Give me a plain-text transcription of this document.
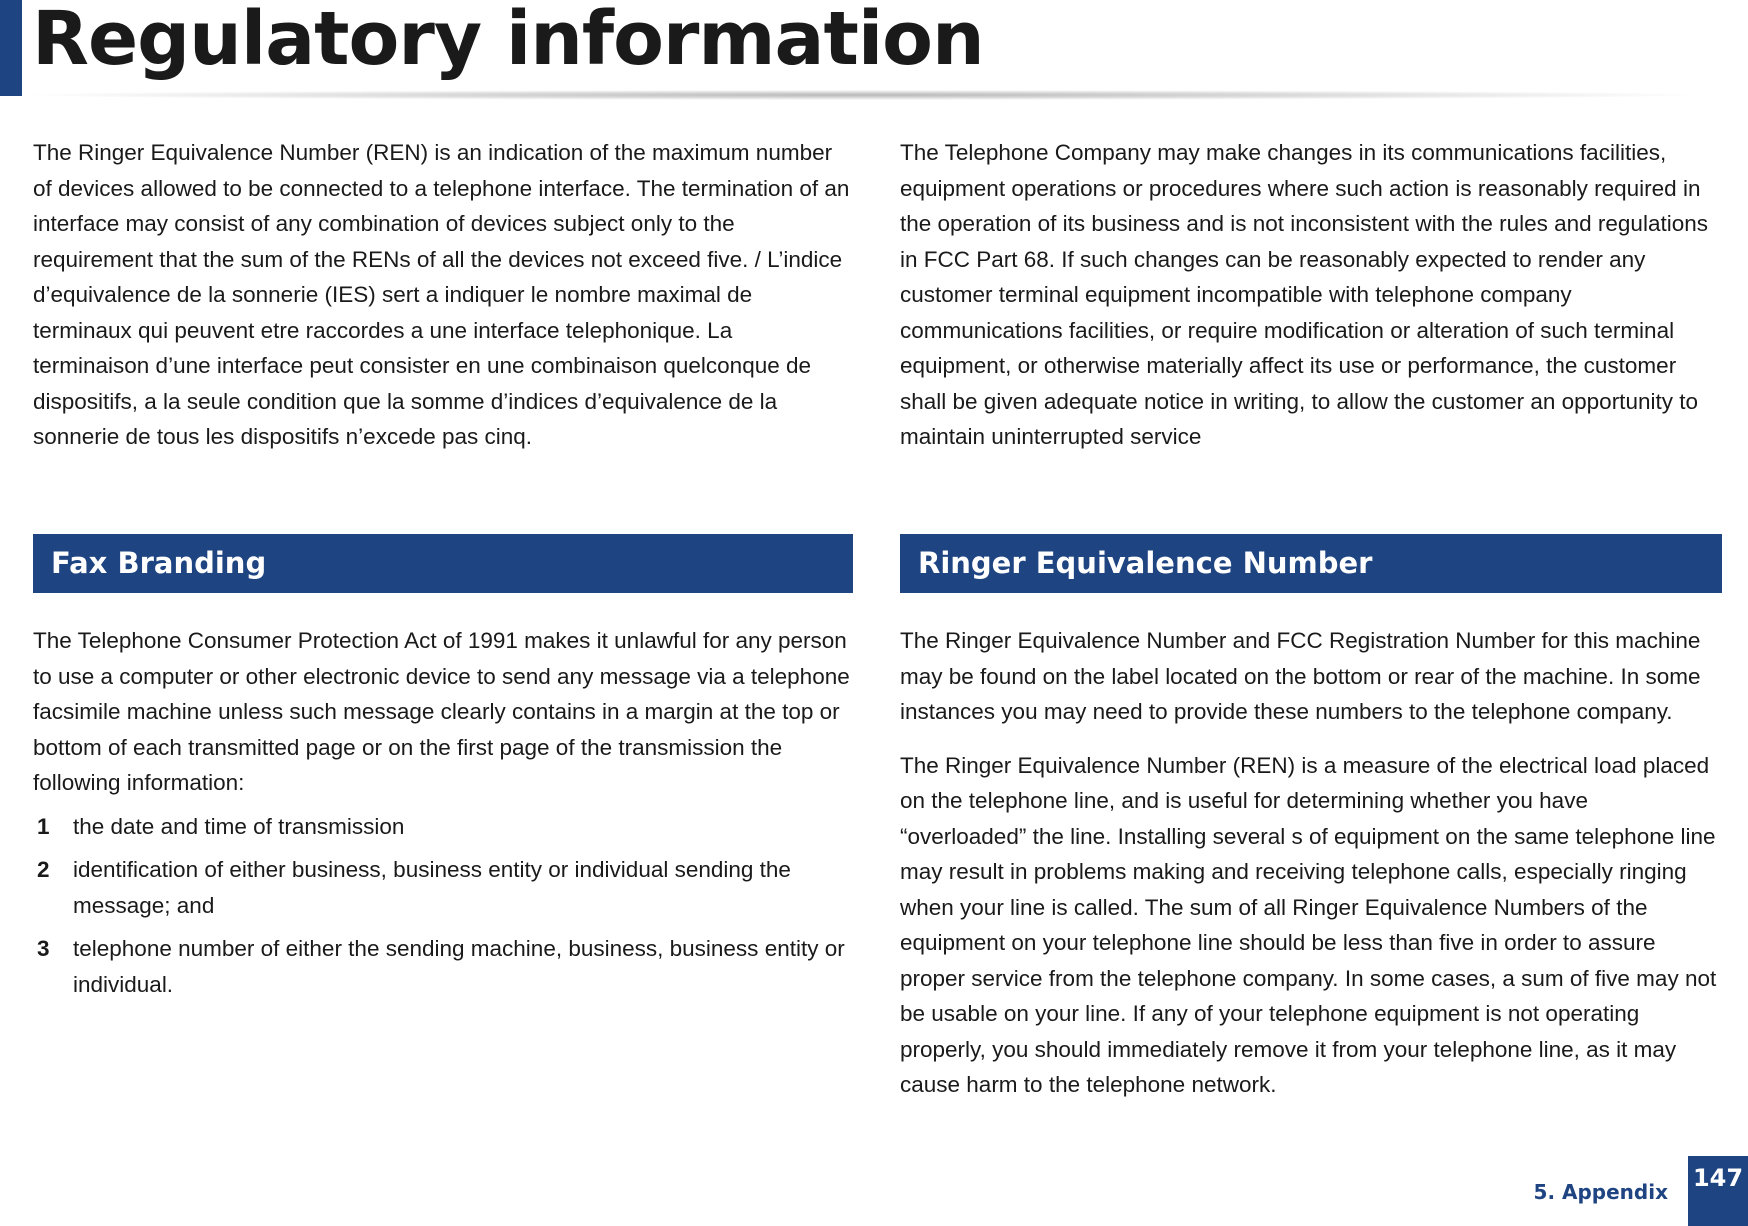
Regulatory information

The Ringer Equivalence Number (REN) is an indication of the maximum number of devices allowed to be connected to a telephone interface. The termination of an interface may consist of any combination of devices subject only to the requirement that the sum of the RENs of all the devices not exceed five. / L’indice d’equivalence de la sonnerie (IES) sert a indiquer le nombre maximal de terminaux qui peuvent etre raccordes a une interface telephonique. La terminaison d’une interface peut consister en une combinaison quelconque de dispositifs, a la seule condition que la somme d’indices d’equivalence de la sonnerie de tous les dispositifs n’excede pas cinq.

The Telephone Company may make changes in its communications facilities, equipment operations or procedures where such action is reasonably required in the operation of its business and is not inconsistent with the rules and regulations in FCC Part 68. If such changes can be reasonably expected to render any customer terminal equipment incompatible with telephone company communications facilities, or require modification or alteration of such terminal equipment, or otherwise materially affect its use or performance, the customer shall be given adequate notice in writing, to allow the customer an opportunity to maintain uninterrupted service

Fax Branding	Ringer Equivalence Number

The Telephone Consumer Protection Act of 1991 makes it unlawful for any person to use a computer or other electronic device to send any message via a telephone facsimile machine unless such message clearly contains in a margin at the top or bottom of each transmitted page or on the first page of the transmission the following information:

1	the date and time of transmission
2	identification of either business, business entity or individual sending the message; and
3	telephone number of either the sending machine, business, business entity or individual.

The Ringer Equivalence Number and FCC Registration Number for this machine may be found on the label located on the bottom or rear of the machine. In some instances you may need to provide these numbers to the telephone company.

The Ringer Equivalence Number (REN) is a measure of the electrical load placed on the telephone line, and is useful for determining whether you have “overloaded” the line. Installing several s of equipment on the same telephone line may result in problems making and receiving telephone calls, especially ringing when your line is called. The sum of all Ringer Equivalence Numbers of the equipment on your telephone line should be less than five in order to assure proper service from the telephone company. In some cases, a sum of five may not be usable on your line. If any of your telephone equipment is not operating properly, you should immediately remove it from your telephone line, as it may cause harm to the telephone network.

5. Appendix 147
